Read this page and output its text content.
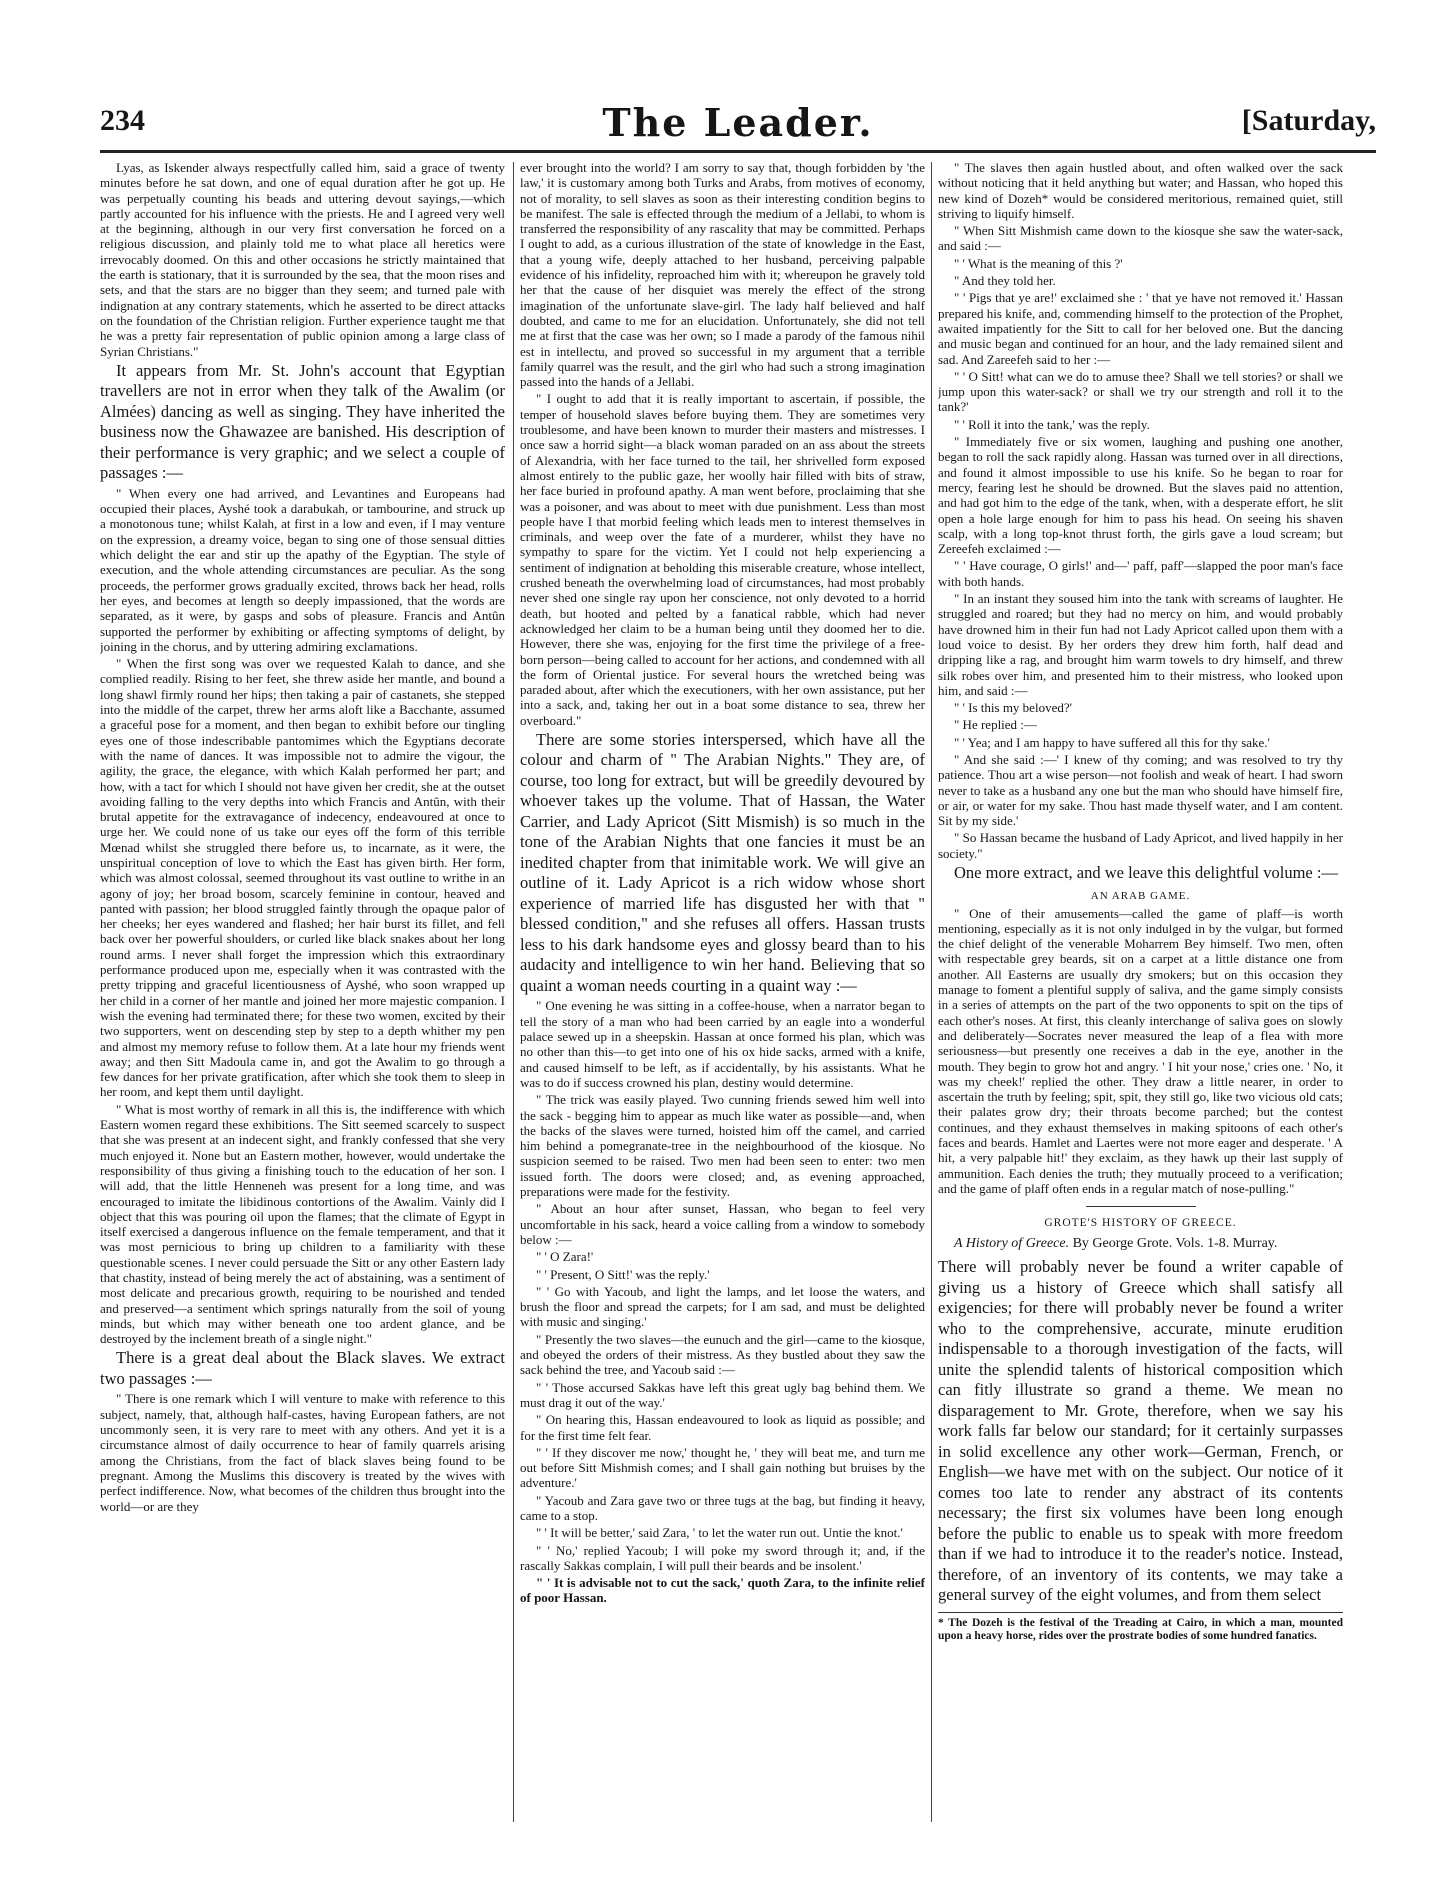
234	The Leader.	[Saturday,

Lyas, as Iskender always respectfully called him, said a grace of twenty minutes before he sat down, and one of equal duration after he got up. He was perpetually counting his beads and uttering devout sayings,—which partly accounted for his influence with the priests. He and I agreed very well at the beginning, although in our very first conversation he forced on a religious discussion, and plainly told me to what place all heretics were irrevocably doomed. On this and other occasions he strictly maintained that the earth is stationary, that it is surrounded by the sea, that the moon rises and sets, and that the stars are no bigger than they seem; and turned pale with indignation at any contrary statements, which he asserted to be direct attacks on the foundation of the Christian religion. Further experience taught me that he was a pretty fair representation of public opinion among a large class of Syrian Christians."

It appears from Mr. St. John's account that Egyptian travellers are not in error when they talk of the Awalim (or Almées) dancing as well as singing. They have inherited the business now the Ghawazee are banished. His description of their performance is very graphic; and we select a couple of passages :—

" When every one had arrived, and Levantines and Europeans had occupied their places, Ayshé took a darabukah, or tambourine, and struck up a monotonous tune; whilst Kalah, at first in a low and even, if I may venture on the expression, a dreamy voice, began to sing one of those sensual ditties which delight the ear and stir up the apathy of the Egyptian. The style of execution, and the whole attending circumstances are peculiar. As the song proceeds, the performer grows gradually excited, throws back her head, rolls her eyes, and becomes at length so deeply impassioned, that the words are separated, as it were, by gasps and sobs of pleasure. Francis and Antûn supported the performer by exhibiting or affecting symptoms of delight, by joining in the chorus, and by uttering admiring exclamations.

" When the first song was over we requested Kalah to dance, and she complied readily. Rising to her feet, she threw aside her mantle, and bound a long shawl firmly round her hips; then taking a pair of castanets, she stepped into the middle of the carpet, threw her arms aloft like a Bacchante, assumed a graceful pose for a moment, and then began to exhibit before our tingling eyes one of those indescribable pantomimes which the Egyptians decorate with the name of dances. It was impossible not to admire the vigour, the agility, the grace, the elegance, with which Kalah performed her part; and how, with a tact for which I should not have given her credit, she at the outset avoiding falling to the very depths into which Francis and Antûn, with their brutal appetite for the extravagance of indecency, endeavoured at once to urge her. We could none of us take our eyes off the form of this terrible Mœnad whilst she struggled there before us, to incarnate, as it were, the unspiritual conception of love to which the East has given birth. Her form, which was almost colossal, seemed throughout its vast outline to writhe in an agony of joy; her broad bosom, scarcely feminine in contour, heaved and panted with passion; her blood struggled faintly through the opaque palor of her cheeks; her eyes wandered and flashed; her hair burst its fillet, and fell back over her powerful shoulders, or curled like black snakes about her long round arms. I never shall forget the impression which this extraordinary performance produced upon me, especially when it was contrasted with the pretty tripping and graceful licentiousness of Ayshé, who soon wrapped up her child in a corner of her mantle and joined her more majestic companion. I wish the evening had terminated there; for these two women, excited by their two supporters, went on descending step by step to a depth whither my pen and almost my memory refuse to follow them. At a late hour my friends went away; and then Sitt Madoula came in, and got the Awalim to go through a few dances for her private gratification, after which she took them to sleep in her room, and kept them until daylight.

" What is most worthy of remark in all this is, the indifference with which Eastern women regard these exhibitions. The Sitt seemed scarcely to suspect that she was present at an indecent sight, and frankly confessed that she very much enjoyed it. None but an Eastern mother, however, would undertake the responsibility of thus giving a finishing touch to the education of her son. I will add, that the little Henneneh was present for a long time, and was encouraged to imitate the libidinous contortions of the Awalim. Vainly did I object that this was pouring oil upon the flames; that the climate of Egypt in itself exercised a dangerous influence on the female temperament, and that it was most pernicious to bring up children to a familiarity with these questionable scenes. I never could persuade the Sitt or any other Eastern lady that chastity, instead of being merely the act of abstaining, was a sentiment of most delicate and precarious growth, requiring to be nourished and tended and preserved—a sentiment which springs naturally from the soil of young minds, but which may wither beneath one too ardent glance, and be destroyed by the inclement breath of a single night."

There is a great deal about the Black slaves. We extract two passages :—

" There is one remark which I will venture to make with reference to this subject, namely, that, although half-castes, having European fathers, are not uncommonly seen, it is very rare to meet with any others. And yet it is a circumstance almost of daily occurrence to hear of family quarrels arising among the Christians, from the fact of black slaves being found to be pregnant. Among the Muslims this discovery is treated by the wives with perfect indifference. Now, what becomes of the children thus brought into the world—or are they

ever brought into the world? I am sorry to say that, though forbidden by 'the law,' it is customary among both Turks and Arabs, from motives of economy, not of morality, to sell slaves as soon as their interesting condition begins to be manifest. The sale is effected through the medium of a Jellabi, to whom is transferred the responsibility of any rascality that may be committed. Perhaps I ought to add, as a curious illustration of the state of knowledge in the East, that a young wife, deeply attached to her husband, perceiving palpable evidence of his infidelity, reproached him with it; whereupon he gravely told her that the cause of her disquiet was merely the effect of the strong imagination of the unfortunate slave-girl. The lady half believed and half doubted, and came to me for an elucidation. Unfortunately, she did not tell me at first that the case was her own; so I made a parody of the famous nihil est in intellectu, and proved so successful in my argument that a terrible family quarrel was the result, and the girl who had such a strong imagination passed into the hands of a Jellabi.

" I ought to add that it is really important to ascertain, if possible, the temper of household slaves before buying them. They are sometimes very troublesome, and have been known to murder their masters and mistresses. I once saw a horrid sight—a black woman paraded on an ass about the streets of Alexandria, with her face turned to the tail, her shrivelled form exposed almost entirely to the public gaze, her woolly hair filled with bits of straw, her face buried in profound apathy. A man went before, proclaiming that she was a poisoner, and was about to meet with due punishment. Less than most people have I that morbid feeling which leads men to interest themselves in criminals, and weep over the fate of a murderer, whilst they have no sympathy to spare for the victim. Yet I could not help experiencing a sentiment of indignation at beholding this miserable creature, whose intellect, crushed beneath the overwhelming load of circumstances, had most probably never shed one single ray upon her conscience, not only devoted to a horrid death, but hooted and pelted by a fanatical rabble, which had never acknowledged her claim to be a human being until they doomed her to die. However, there she was, enjoying for the first time the privilege of a free-born person—being called to account for her actions, and condemned with all the form of Oriental justice. For several hours the wretched being was paraded about, after which the executioners, with her own assistance, put her into a sack, and, taking her out in a boat some distance to sea, threw her overboard."

There are some stories interspersed, which have all the colour and charm of " The Arabian Nights." They are, of course, too long for extract, but will be greedily devoured by whoever takes up the volume. That of Hassan, the Water Carrier, and Lady Apricot (Sitt Mismish) is so much in the tone of the Arabian Nights that one fancies it must be an inedited chapter from that inimitable work. We will give an outline of it. Lady Apricot is a rich widow whose short experience of married life has disgusted her with that " blessed condition," and she refuses all offers. Hassan trusts less to his dark handsome eyes and glossy beard than to his audacity and intelligence to win her hand. Believing that so quaint a woman needs courting in a quaint way :—

" One evening he was sitting in a coffee-house, when a narrator began to tell the story of a man who had been carried by an eagle into a wonderful palace sewed up in a sheepskin. Hassan at once formed his plan, which was no other than this—to get into one of his ox hide sacks, armed with a knife, and caused himself to be left, as if accidentally, by his assistants. What he was to do if success crowned his plan, destiny would determine.

" The trick was easily played. Two cunning friends sewed him well into the sack - begging him to appear as much like water as possible—and, when the backs of the slaves were turned, hoisted him off the camel, and carried him behind a pomegranate-tree in the neighbourhood of the kiosque. No suspicion seemed to be raised. Two men had been seen to enter: two men issued forth. The doors were closed; and, as evening approached, preparations were made for the festivity.

" About an hour after sunset, Hassan, who began to feel very uncomfortable in his sack, heard a voice calling from a window to somebody below :—

" ' O Zara!'

" ' Present, O Sitt!' was the reply.'

" ' Go with Yacoub, and light the lamps, and let loose the waters, and brush the floor and spread the carpets; for I am sad, and must be delighted with music and singing.'

" Presently the two slaves—the eunuch and the girl—came to the kiosque, and obeyed the orders of their mistress. As they bustled about they saw the sack behind the tree, and Yacoub said :—

" ' Those accursed Sakkas have left this great ugly bag behind them. We must drag it out of the way.'

" On hearing this, Hassan endeavoured to look as liquid as possible; and for the first time felt fear.

" ' If they discover me now,' thought he, ' they will beat me, and turn me out before Sitt Mishmish comes; and I shall gain nothing but bruises by the adventure.'

" Yacoub and Zara gave two or three tugs at the bag, but finding it heavy, came to a stop.

" ' It will be better,' said Zara, ' to let the water run out. Untie the knot.'

" ' No,' replied Yacoub; I will poke my sword through it; and, if the rascally Sakkas complain, I will pull their beards and be insolent.'

" ' It is advisable not to cut the sack,' quoth Zara, to the infinite relief of poor Hassan.

" The slaves then again hustled about, and often walked over the sack without noticing that it held anything but water; and Hassan, who hoped this new kind of Dozeh* would be considered meritorious, remained quiet, still striving to liquify himself.

" When Sitt Mishmish came down to the kiosque she saw the water-sack, and said :—

" ' What is the meaning of this ?'

" And they told her.

" ' Pigs that ye are!' exclaimed she : ' that ye have not removed it.' Hassan prepared his knife, and, commending himself to the protection of the Prophet, awaited impatiently for the Sitt to call for her beloved one. But the dancing and music began and continued for an hour, and the lady remained silent and sad. And Zareefeh said to her :—

" ' O Sitt! what can we do to amuse thee? Shall we tell stories? or shall we jump upon this water-sack? or shall we try our strength and roll it to the tank?'

" ' Roll it into the tank,' was the reply.

" Immediately five or six women, laughing and pushing one another, began to roll the sack rapidly along. Hassan was turned over in all directions, and found it almost impossible to use his knife. So he began to roar for mercy, fearing lest he should be drowned. But the slaves paid no attention, and had got him to the edge of the tank, when, with a desperate effort, he slit open a hole large enough for him to pass his head. On seeing his shaven scalp, with a long top-knot thrust forth, the girls gave a loud scream; but Zereefeh exclaimed :—

" ' Have courage, O girls!' and—' paff, paff'—slapped the poor man's face with both hands.

" In an instant they soused him into the tank with screams of laughter. He struggled and roared; but they had no mercy on him, and would probably have drowned him in their fun had not Lady Apricot called upon them with a loud voice to desist. By her orders they drew him forth, half dead and dripping like a rag, and brought him warm towels to dry himself, and threw silk robes over him, and presented him to their mistress, who looked upon him, and said :—

" ' Is this my beloved?'

" He replied :—

" ' Yea; and I am happy to have suffered all this for thy sake.'

" And she said :—' I knew of thy coming; and was resolved to try thy patience. Thou art a wise person—not foolish and weak of heart. I had sworn never to take as a husband any one but the man who should have himself fire, or air, or water for my sake. Thou hast made thyself water, and I am content. Sit by my side.'

" So Hassan became the husband of Lady Apricot, and lived happily in her society."

One more extract, and we leave this delightful volume :—

AN ARAB GAME.

" One of their amusements—called the game of plaff—is worth mentioning, especially as it is not only indulged in by the vulgar, but formed the chief delight of the venerable Moharrem Bey himself. Two men, often with respectable grey beards, sit on a carpet at a little distance one from another. All Easterns are usually dry smokers; but on this occasion they manage to foment a plentiful supply of saliva, and the game simply consists in a series of attempts on the part of the two opponents to spit on the tips of each other's noses. At first, this cleanly interchange of saliva goes on slowly and deliberately—Socrates never measured the leap of a flea with more seriousness—but presently one receives a dab in the eye, another in the mouth. They begin to grow hot and angry. ' I hit your nose,' cries one. ' No, it was my cheek!' replied the other. They draw a little nearer, in order to ascertain the truth by feeling; spit, spit, they still go, like two vicious old cats; their palates grow dry; their throats become parched; but the contest continues, and they exhaust themselves in making spitoons of each other's faces and beards. Hamlet and Laertes were not more eager and desperate. ' A hit, a very palpable hit!' they exclaim, as they hawk up their last supply of ammunition. Each denies the truth; they mutually proceed to a verification; and the game of plaff often ends in a regular match of nose-pulling."

GROTE'S HISTORY OF GREECE.

A History of Greece. By George Grote. Vols. 1-8. Murray.

There will probably never be found a writer capable of giving us a history of Greece which shall satisfy all exigencies; for there will probably never be found a writer who to the comprehensive, accurate, minute erudition indispensable to a thorough investigation of the facts, will unite the splendid talents of historical composition which can fitly illustrate so grand a theme. We mean no disparagement to Mr. Grote, therefore, when we say his work falls far below our standard; for it certainly surpasses in solid excellence any other work—German, French, or English—we have met with on the subject. Our notice of it comes too late to render any abstract of its contents necessary; the first six volumes have been long enough before the public to enable us to speak with more freedom than if we had to introduce it to the reader's notice. Instead, therefore, of an inventory of its contents, we may take a general survey of the eight volumes, and from them select

* The Dozeh is the festival of the Treading at Cairo, in which a man, mounted upon a heavy horse, rides over the prostrate bodies of some hundred fanatics.
